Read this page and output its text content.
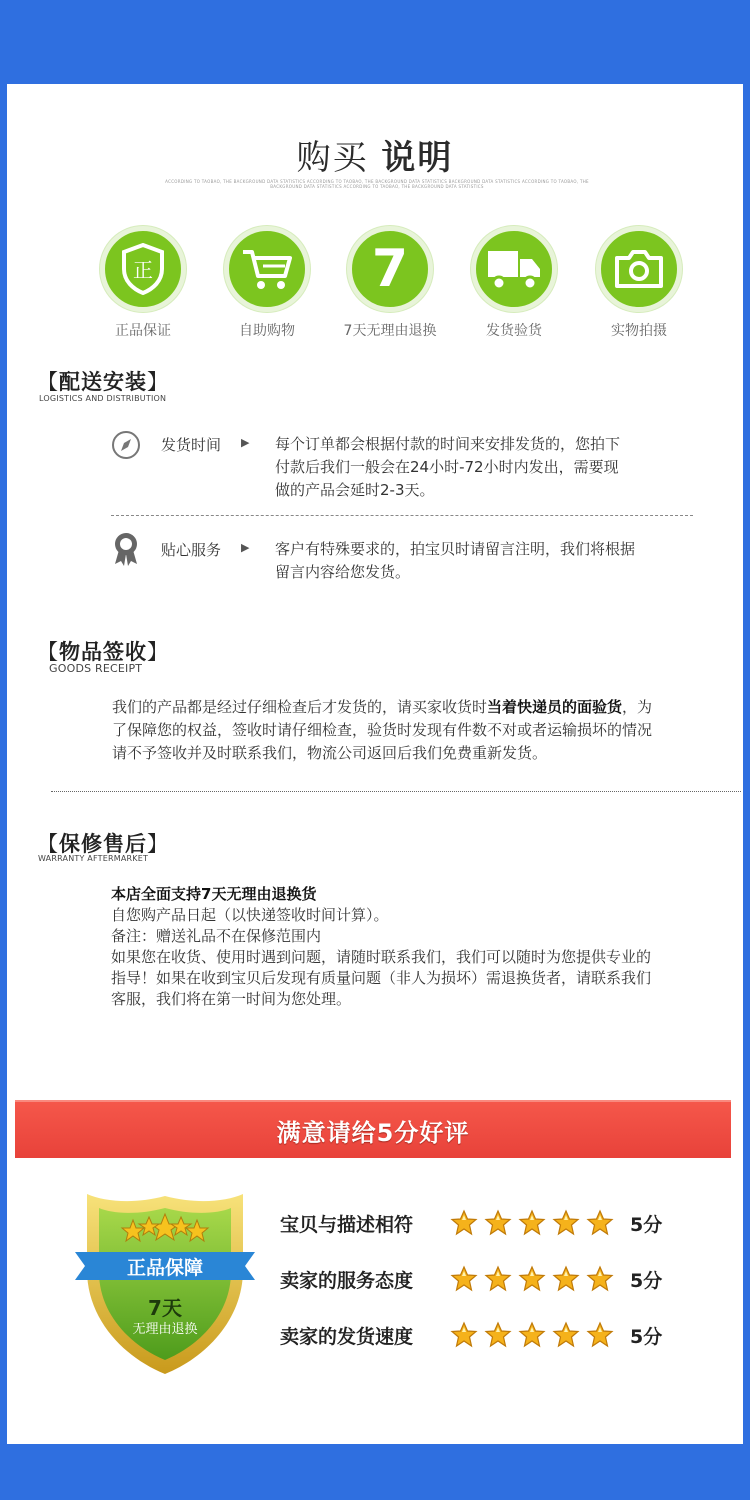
购买 说明
ACCORDING TO TAOBAO, THE BACKGROUND DATA STATISTICS ACCORDING TO TAOBAO, THE BACKGROUND DATA STATISTICS BACKGROUND DATA STATISTICS ACCORDING TO TAOBAO, THE BACKGROUND DATA STATISTICS ACCORDING TO TAOBAO, THE BACKGROUND DATA STATISTICS
正
正品保证	自助购物
7
7天无理由退换	发货验货	实物拍摄
【配送安装】
LOGISTICS AND DISTRIBUTION
发货时间 ▶ 每个订单都会根据付款的时间来安排发货的，您拍下
付款后我们一般会在24小时-72小时内发出，需要现
做的产品会延时2-3天。
贴心服务 ▶ 客户有特殊要求的，拍宝贝时请留言注明，我们将根据
留言内容给您发货。
【物品签收】
GOODS RECEIPT
我们的产品都是经过仔细检查后才发货的，请买家收货时当着快递员的面验货，为
了保障您的权益，签收时请仔细检查，验货时发现有件数不对或者运输损坏的情况
请不予签收并及时联系我们，物流公司返回后我们免费重新发货。
【保修售后】
WARRANTY AFTERMARKET
本店全面支持7天无理由退换货
自您购产品日起（以快递签收时间计算）。
备注：赠送礼品不在保修范围内
如果您在收货、使用时遇到问题，请随时联系我们，我们可以随时为您提供专业的
指导！如果在收到宝贝后发现有质量问题（非人为损坏）需退换货者，请联系我们
客服，我们将在第一时间为您处理。
满意请给5分好评
正品保障
7天
无理由退换
宝贝与描述相符	5分
卖家的服务态度	5分
卖家的发货速度	5分
